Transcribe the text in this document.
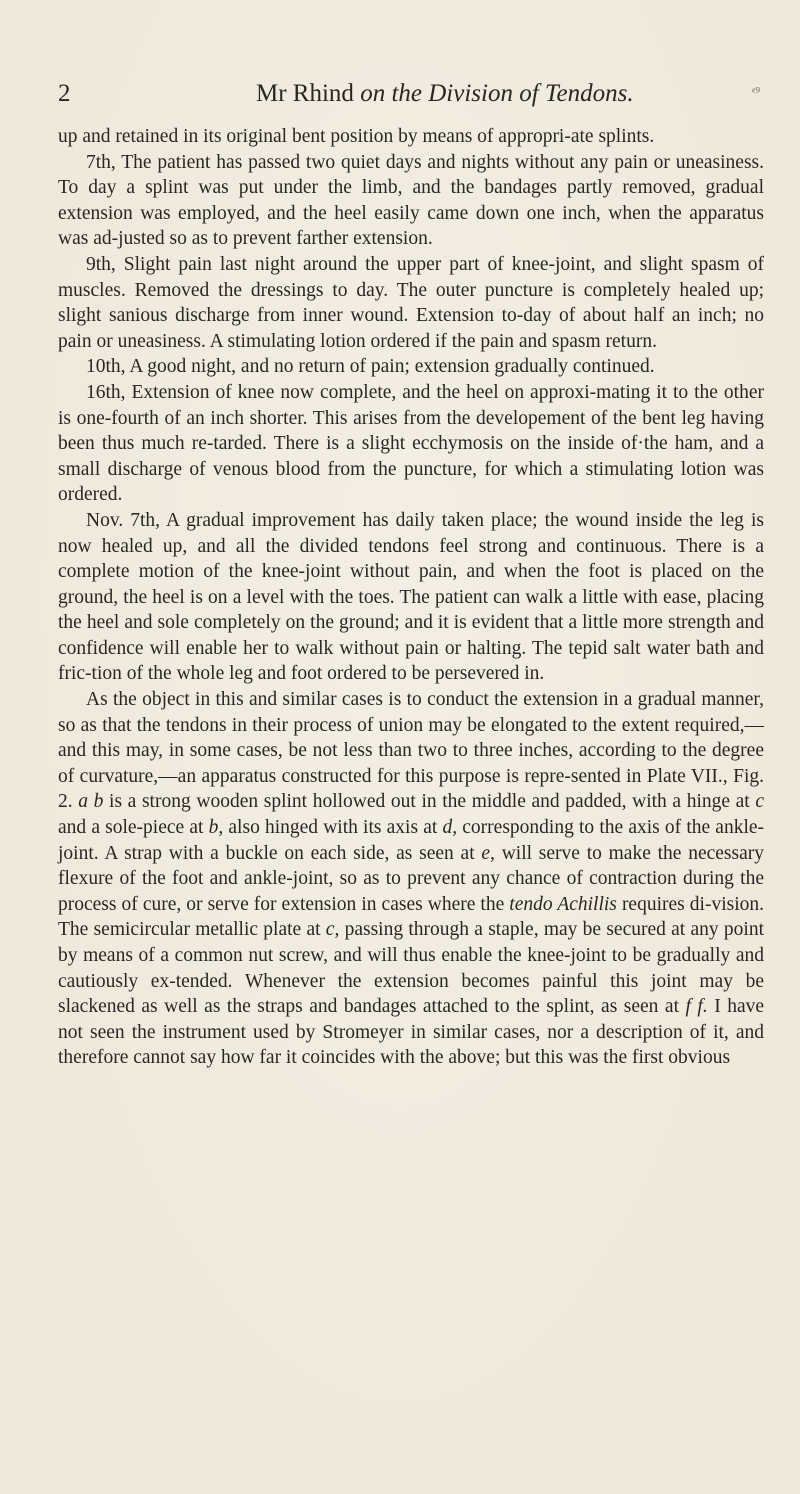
2	Mr Rhind on the Division of Tendons.	ᵉ⁹

up and retained in its original bent position by means of appropri-ate splints.

7th, The patient has passed two quiet days and nights without any pain or uneasiness. To day a splint was put under the limb, and the bandages partly removed, gradual extension was employed, and the heel easily came down one inch, when the apparatus was ad-justed so as to prevent farther extension.

9th, Slight pain last night around the upper part of knee-joint, and slight spasm of muscles. Removed the dressings to day. The outer puncture is completely healed up; slight sanious discharge from inner wound. Extension to-day of about half an inch; no pain or uneasiness. A stimulating lotion ordered if the pain and spasm return.

10th, A good night, and no return of pain; extension gradually continued.

16th, Extension of knee now complete, and the heel on approxi-mating it to the other is one-fourth of an inch shorter. This arises from the developement of the bent leg having been thus much re-tarded. There is a slight ecchymosis on the inside of·the ham, and a small discharge of venous blood from the puncture, for which a stimulating lotion was ordered.

Nov. 7th, A gradual improvement has daily taken place; the wound inside the leg is now healed up, and all the divided tendons feel strong and continuous. There is a complete motion of the knee-joint without pain, and when the foot is placed on the ground, the heel is on a level with the toes. The patient can walk a little with ease, placing the heel and sole completely on the ground; and it is evident that a little more strength and confidence will enable her to walk without pain or halting. The tepid salt water bath and fric-tion of the whole leg and foot ordered to be persevered in.

As the object in this and similar cases is to conduct the extension in a gradual manner, so as that the tendons in their process of union may be elongated to the extent required,—and this may, in some cases, be not less than two to three inches, according to the degree of curvature,—an apparatus constructed for this purpose is repre-sented in Plate VII., Fig. 2. a b is a strong wooden splint hollowed out in the middle and padded, with a hinge at c and a sole-piece at b, also hinged with its axis at d, corresponding to the axis of the ankle-joint. A strap with a buckle on each side, as seen at e, will serve to make the necessary flexure of the foot and ankle-joint, so as to prevent any chance of contraction during the process of cure, or serve for extension in cases where the tendo Achillis requires di-vision. The semicircular metallic plate at c, passing through a staple, may be secured at any point by means of a common nut screw, and will thus enable the knee-joint to be gradually and cautiously ex-tended. Whenever the extension becomes painful this joint may be slackened as well as the straps and bandages attached to the splint, as seen at f f. I have not seen the instrument used by Stromeyer in similar cases, nor a description of it, and therefore cannot say how far it coincides with the above; but this was the first obvious
